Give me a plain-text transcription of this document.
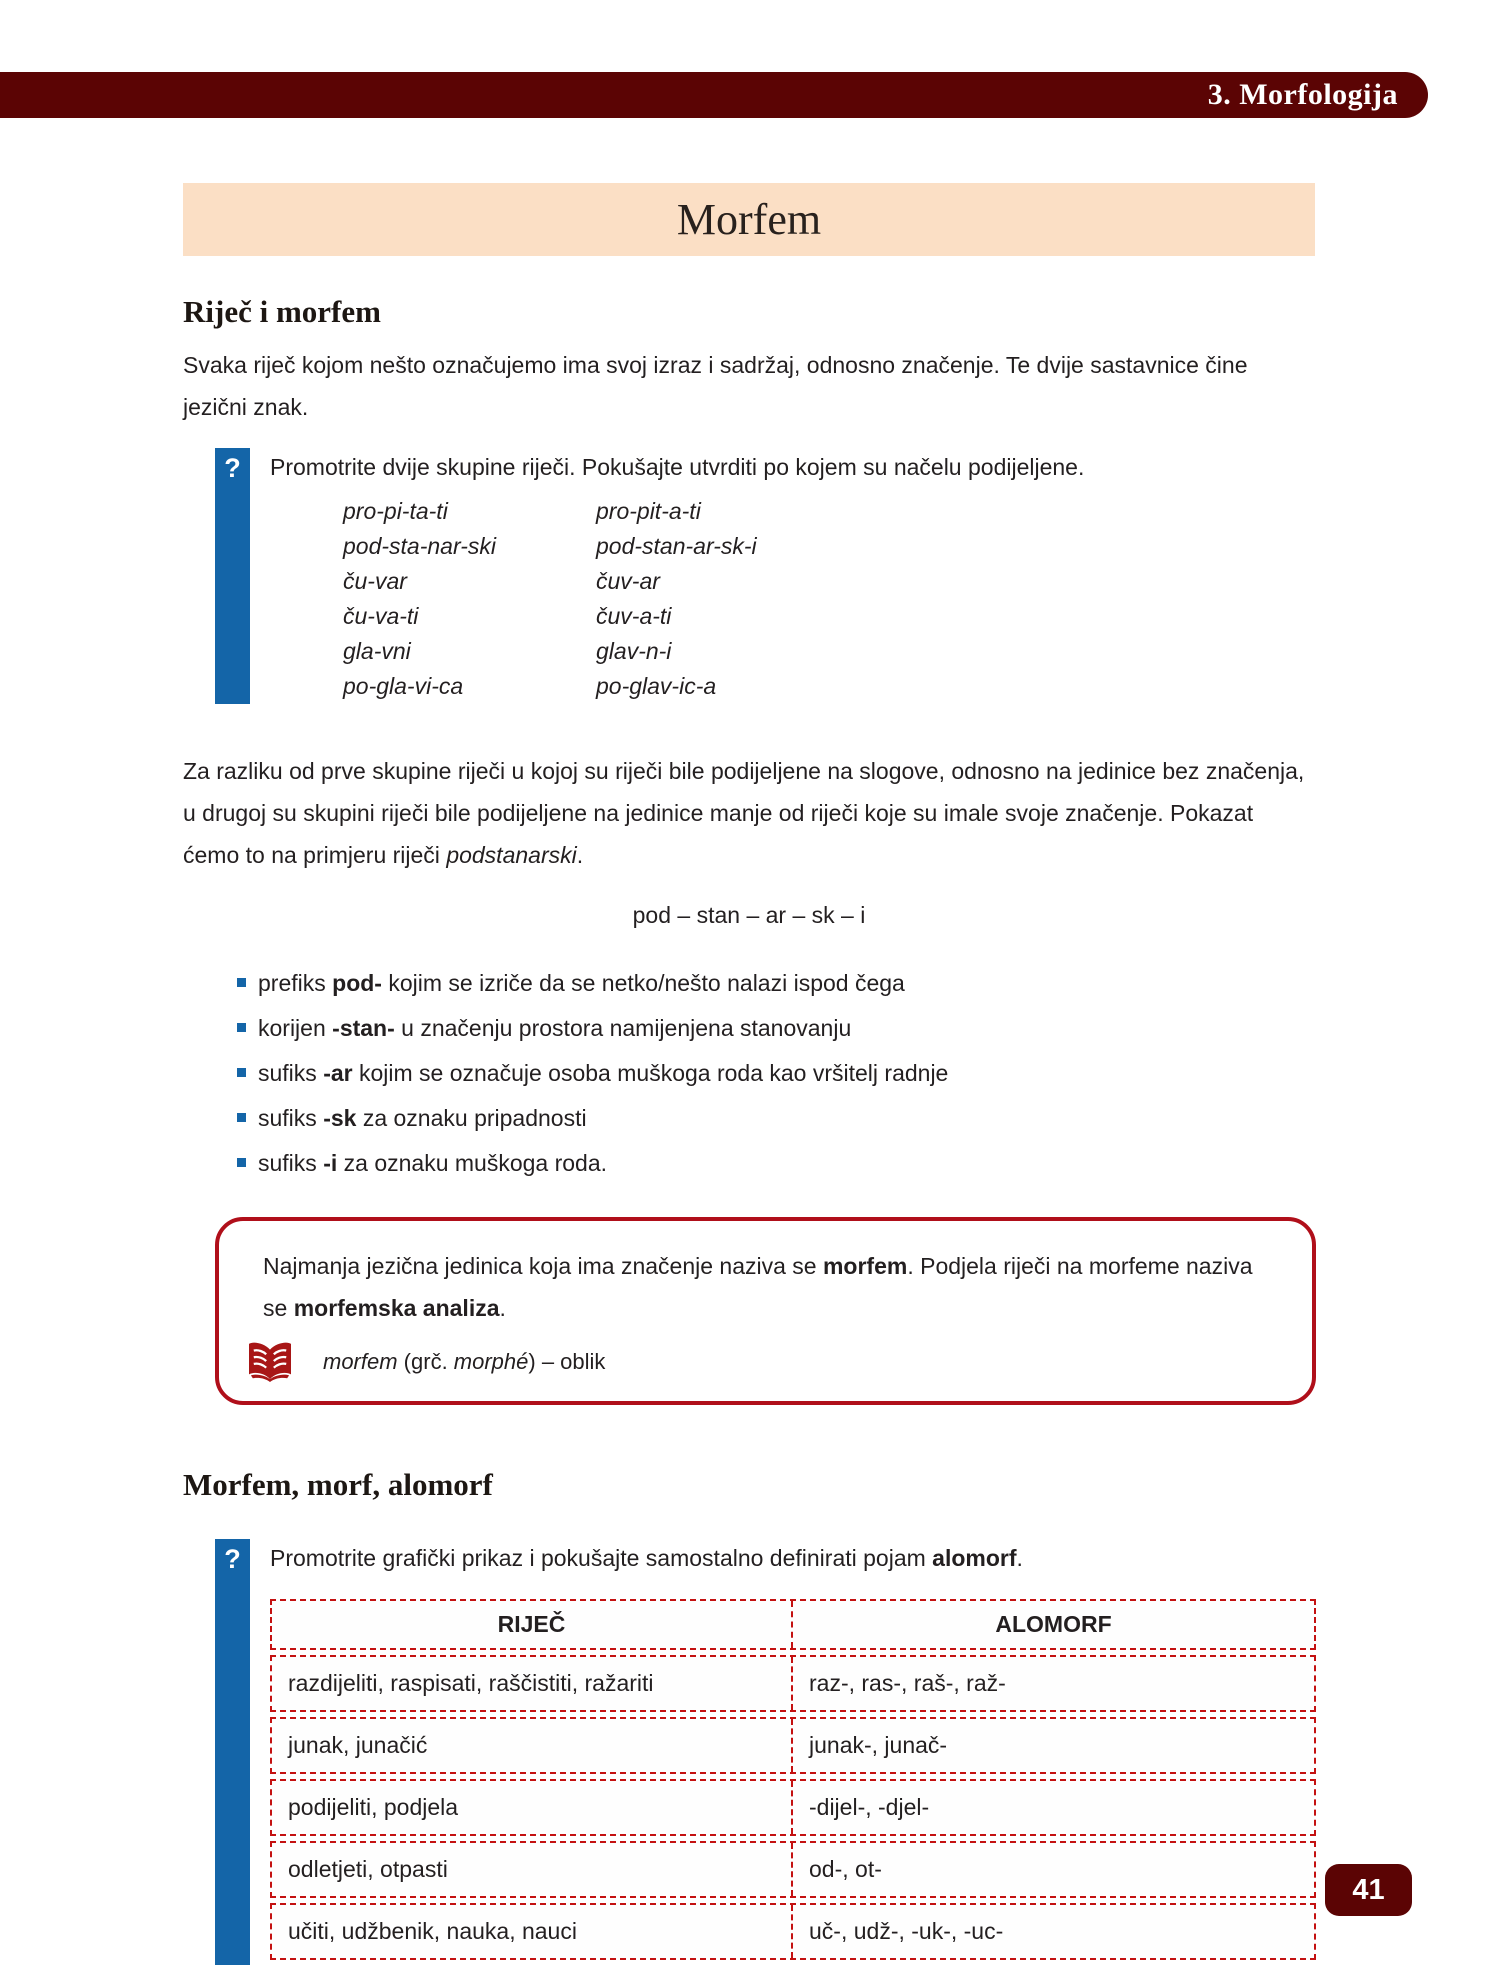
3. Morfologija
Morfem
Riječ i morfem

Svaka riječ kojom nešto označujemo ima svoj izraz i sadržaj, odnosno značenje. Te dvije sastavnice čine jezični znak.

?	Promotrite dvije skupine riječi. Pokušajte utvrditi po kojem su načelu podijeljene.
pro-pi-ta-ti	pro-pit-a-ti
pod-sta-nar-ski	pod-stan-ar-sk-i
ču-var	čuv-ar
ču-va-ti	čuv-a-ti
gla-vni	glav-n-i
po-gla-vi-ca	po-glav-ic-a

Za razliku od prve skupine riječi u kojoj su riječi bile podijeljene na slogove, odnosno na jedinice bez značenja, u drugoj su skupini riječi bile podijeljene na jedinice manje od riječi koje su imale svoje značenje. Pokazat ćemo to na primjeru riječi podstanarski.

pod – stan – ar – sk – i
prefiks pod- kojim se izriče da se netko/nešto nalazi ispod čega
korijen -stan- u značenju prostora namijenjena stanovanju
sufiks -ar kojim se označuje osoba muškoga roda kao vršitelj radnje
sufiks -sk za oznaku pripadnosti
sufiks -i za oznaku muškoga roda.

Najmanja jezična jedinica koja ima značenje naziva se morfem. Podjela riječi na morfeme naziva se morfemska analiza.

morfem (grč. morphé) – oblik
Morfem, morf, alomorf
?	Promotrite grafički prikaz i pokušajte samostalno definirati pojam alomorf.
RIJEČ	ALOMORF
razdijeliti, raspisati, raščistiti, ražariti	raz-, ras-, raš-, raž-
junak, junačić	junak-, junač-
podijeliti, podjela	-dijel-, -djel-
odletjeti, otpasti	od-, ot-
učiti, udžbenik, nauka, nauci	uč-, udž-, -uk-, -uc-
41
